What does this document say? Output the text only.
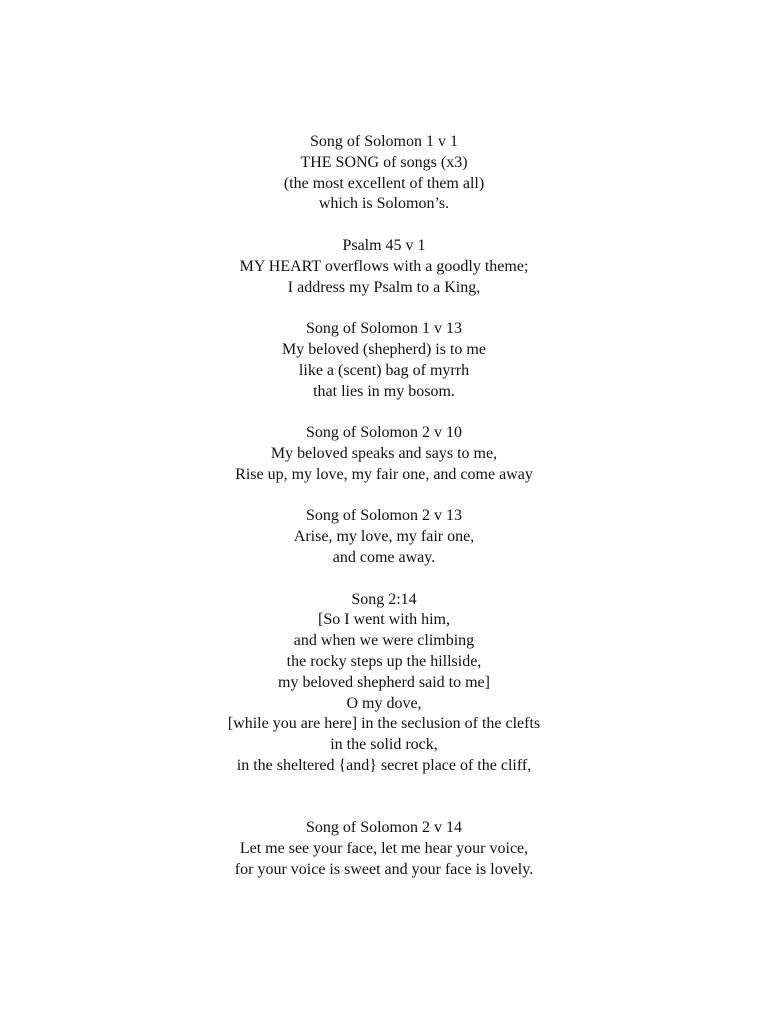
Song of Solomon 1 v 1
THE SONG of songs (x3)
(the most excellent of them all)
which is Solomon’s.
Psalm 45 v 1
MY HEART overflows with a goodly theme;
I address my Psalm to a King,
Song of Solomon 1 v 13
My beloved (shepherd) is to me
like a (scent) bag of myrrh
that lies in my bosom.
Song of Solomon 2 v 10
My beloved speaks and says to me,
Rise up, my love, my fair one, and come away
Song of Solomon 2 v 13
Arise, my love, my fair one,
and come away.
Song 2:14
[So I went with him,
and when we were climbing
the rocky steps up the hillside,
my beloved shepherd said to me]
O my dove,
[while you are here] in the seclusion of the clefts
in the solid rock,
in the sheltered {and} secret place of the cliff,
Song of Solomon 2 v 14
Let me see your face, let me hear your voice,
for your voice is sweet and your face is lovely.
